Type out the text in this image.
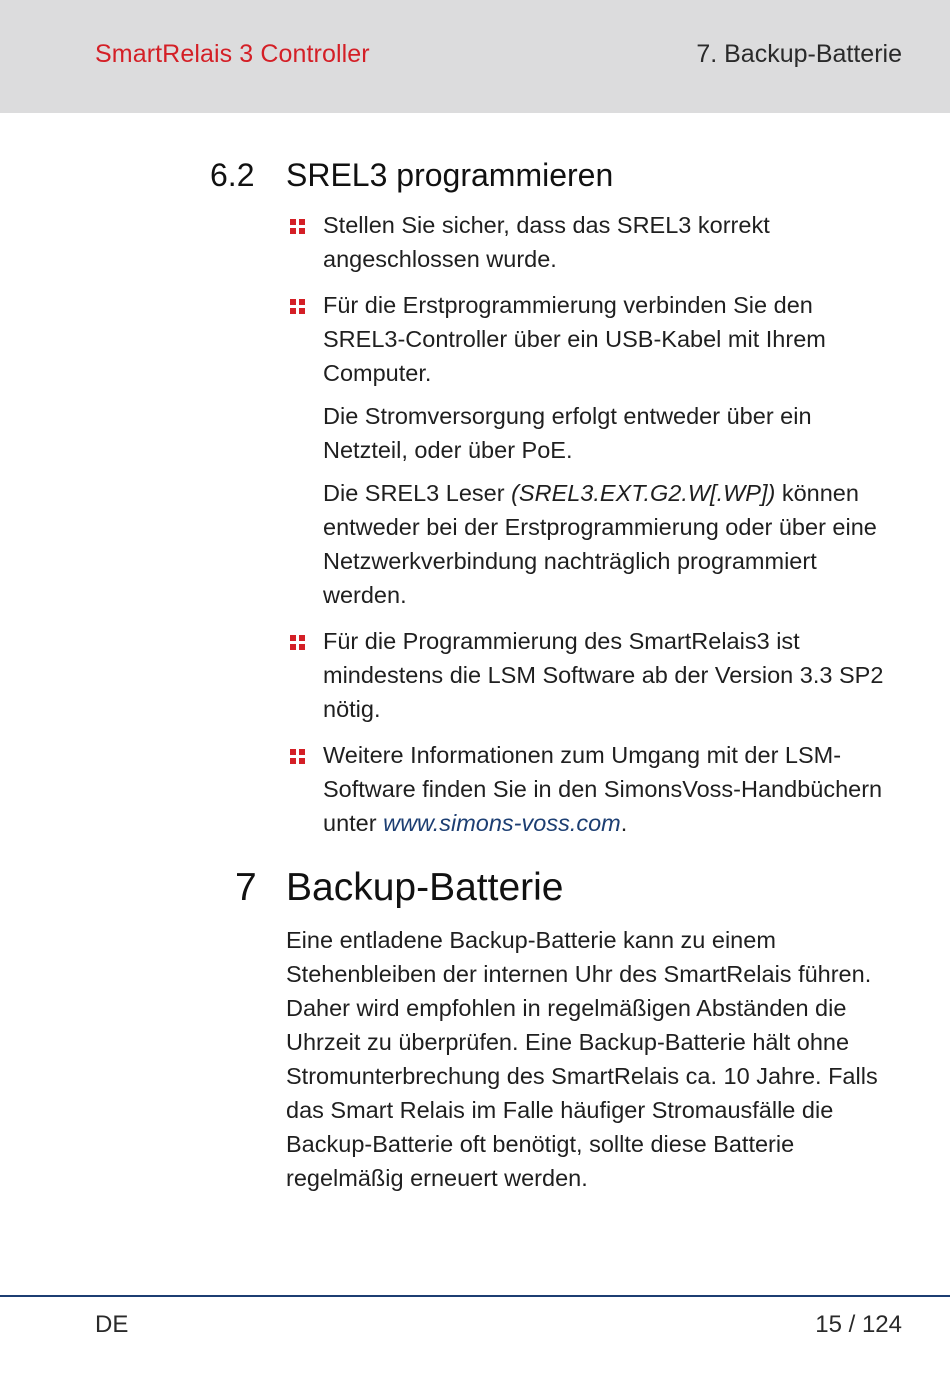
SmartRelais 3 Controller	7. Backup-Batterie
6.2 SREL3 programmieren

Stellen Sie sicher, dass das SREL3 korrekt angeschlossen wurde.

Für die Erstprogrammierung verbinden Sie den SREL3-Controller über ein USB-Kabel mit Ihrem Computer.

Die Stromversorgung erfolgt entweder über ein Netzteil, oder über PoE.

Die SREL3 Leser (SREL3.EXT.G2.W[.WP]) können entweder bei der Erstprogrammierung oder über eine Netzwerkverbindung nachträglich programmiert werden.

Für die Programmierung des SmartRelais3 ist mindestens die LSM Software ab der Version 3.3 SP2 nötig.

Weitere Informationen zum Umgang mit der LSM-Software finden Sie in den SimonsVoss-Handbüchern unter www.simons-voss.com.

7 Backup-Batterie

Eine entladene Backup-Batterie kann zu einem Stehenbleiben der internen Uhr des SmartRelais führen. Daher wird empfohlen in regelmäßigen Abständen die Uhrzeit zu überprüfen. Eine Backup-Batterie hält ohne Stromunterbrechung des SmartRelais ca. 10 Jahre. Falls das Smart Relais im Falle häufiger Stromausfälle die Backup-Batterie oft benötigt, sollte diese Batterie regelmäßig erneuert werden.

DE	15 / 124
